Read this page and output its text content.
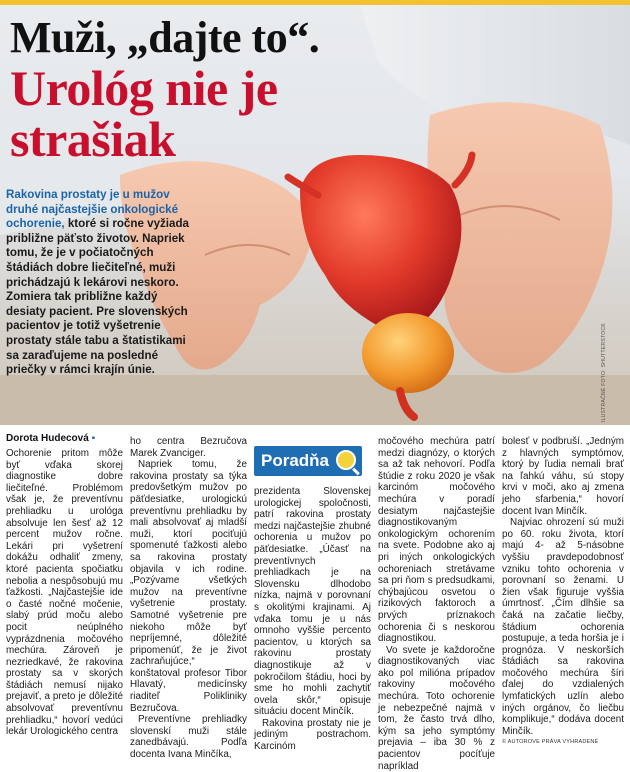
Muži, „dajte to“.
Urológ nie je strašiak
Rakovina prostaty je u mužov druhé najčastejšie onkologické ochorenie, ktoré si ročne vyžiada približne päťsto životov. Napriek tomu, že je v počiatočných štádiách dobre liečiteľné, muži prichádzajú k lekárovi neskoro. Zomiera tak približne každý desiaty pacient. Pre slovenských pacientov je totiž vyšetrenie prostaty stále tabu a štatistikami sa zaraďujeme na posledné priečky v rámci krajín únie.	ILUSTRAČNÉ FOTO: SHUTTERSTOCK
Dorota Hudecová ▪

Ochorenie pritom môže byť vďaka skorej diagnostike dobre liečiteľné. Problémom však je, že preventívnu prehliadku u urológa absolvuje len šesť až 12 percent mužov ročne. Lekári pri vyšetrení dokážu odhaliť zmeny, ktoré pacienta spočiatku nebolia a nespôsobujú mu ťažkosti. „Najčastejšie ide o časté nočné močenie, slabý prúd moču alebo pocit neúplného vyprázdnenia močového mechúra. Zároveň je nezriedkavé, že rakovina prostaty sa v skorých štádiách nemusí nijako prejaviť, a preto je dôležité absolvovať preventívnu prehliadku,“ hovorí vedúci lekár Urologického centra

ho centra Bezručova Marek Zvanciger.

Napriek tomu, že rakovina prostaty sa týka predovšetkým mužov po päťdesiatke, urologickú preventívnu prehliadku by mali absolvovať aj mladší muži, ktorí pociťujú spomenuté ťažkosti alebo sa rakovina prostaty objavila v ich rodine. „Pozývame všetkých mužov na preventívne vyšetrenie prostaty. Samotné vyšetrenie pre niekoho môže byť nepríjemné, dôležité pripomenúť, že je život zachraňujúce,“ konštatoval profesor Tibor Hlavatý, medicínsky riaditeľ Polikliniky Bezručova.

Preventívne prehliadky slovenskí muži stále zanedbávajú. Podľa docenta Ivana Minčíka,

Poradňa

prezidenta Slovenskej urologickej spoločnosti, patrí rakovina prostaty medzi najčastejšie zhubné ochorenia u mužov po päťdesiatke. „Účasť na preventívnych prehliadkach je na Slovensku dlhodobo nízka, najmä v porovnaní s okolitými krajinami. Aj vďaka tomu je u nás omnoho vyššie percento pacientov, u ktorých sa rakovinu prostaty diagnostikuje až v pokročilom štádiu, hoci by sme ho mohli zachytiť ovela skôr,“ opisuje situáciu docent Minčík.

Rakovina prostaty nie je jediným postrachom. Karcinóm

močového mechúra patrí medzi diagnózy, o ktorých sa až tak nehovorí. Podľa štúdie z roku 2020 je však karcinóm močového mechúra v poradí desiatym najčastejšie diagnostikovaným onkologickým ochorením na svete. Podobne ako aj pri iných onkologických ochoreniach stretávame sa pri ňom s predsudkami, chýbajúcou osvetou o rizikových faktoroch a prvých príznakoch ochorenia či s neskorou diagnostikou.

Vo svete je každoročne diagnostikovaných viac ako pol miliónа prípadov rakoviny močového mechúra. Toto ochorenie je nebezpečné najmä v tom, že často trvá dlho, kým sa jeho symptómy prejavia – iba 30 % z pacientov pocíťuje napríklad

bolesť v podbruší. „Jedným z hlavných symptómov, ktorý by ľudia nemali brať na ľahkú váhu, sú stopy krvi v moči, ako aj zmena jeho sfarbenia,“ hovorí docent Ivan Minčík.

Najviac ohrození sú muži po 60. roku života, ktorí majú 4- až 5-násobne vyššiu pravdepodobnosť vzniku tohto ochorenia v porovnaní so ženami. U žien však figuruje vyššia úmrtnosť. „Čím dlhšie sa čaká na začatie liečby, štádium ochorenia postupuje, a teda horšia je i prognóza. V neskorších štádiách sa rakovina močového mechúra šíri ďalej do vzdialených lymfatických uzlín alebo iných orgánov, čo liečbu komplikuje,“ dodáva docent Minčík.

© AUTOROVE PRÁVA VYHRADENÉ
